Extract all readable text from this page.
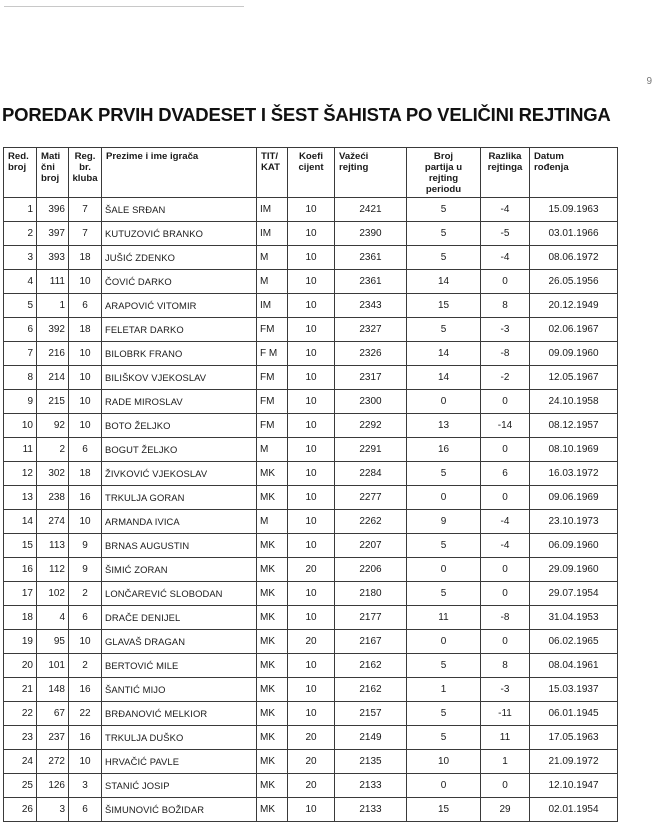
9
POREDAK PRVIH DVADESET I ŠEST ŠAHISTA PO VELIČINI REJTINGA
Red.
broj	Mati
čni
broj	Reg.
br.
kluba	Prezime i ime igrača	TIT/
KAT	Koefi
cijent	Važeći
rejting	Broj
partija u
rejting
periodu	Razlika
rejtinga	Datum
rođenja
1	396	7	ŠALE SRĐAN	IM	10	2421	5	-4	15.09.1963
2	397	7	KUTUZOVIĆ BRANKO	IM	10	2390	5	-5	03.01.1966
3	393	18	JUŠIĆ ZDENKO	M	10	2361	5	-4	08.06.1972
4	111	10	ČOVIĆ DARKO	M	10	2361	14	0	26.05.1956
5	1	6	ARAPOVIĆ VITOMIR	IM	10	2343	15	8	20.12.1949
6	392	18	FELETAR DARKO	FM	10	2327	5	-3	02.06.1967
7	216	10	BILOBRK FRANO	F M	10	2326	14	-8	09.09.1960
8	214	10	BILIŠKOV VJEKOSLAV	FM	10	2317	14	-2	12.05.1967
9	215	10	RADE MIROSLAV	FM	10	2300	0	0	24.10.1958
10	92	10	BOTO ŽELJKO	FM	10	2292	13	-14	08.12.1957
11	2	6	BOGUT ŽELJKO	M	10	2291	16	0	08.10.1969
12	302	18	ŽIVKOVIĆ VJEKOSLAV	MK	10	2284	5	6	16.03.1972
13	238	16	TRKULJA GORAN	MK	10	2277	0	0	09.06.1969
14	274	10	ARMANDA IVICA	M	10	2262	9	-4	23.10.1973
15	113	9	BRNAS AUGUSTIN	MK	10	2207	5	-4	06.09.1960
16	112	9	ŠIMIĆ ZORAN	MK	20	2206	0	0	29.09.1960
17	102	2	LONČAREVIĆ SLOBODAN	MK	10	2180	5	0	29.07.1954
18	4	6	DRAČE DENIJEL	MK	10	2177	11	-8	31.04.1953
19	95	10	GLAVAŠ DRAGAN	MK	20	2167	0	0	06.02.1965
20	101	2	BERTOVIĆ MILE	MK	10	2162	5	8	08.04.1961
21	148	16	ŠANTIĆ MIJO	MK	10	2162	1	-3	15.03.1937
22	67	22	BRĐANOVIĆ MELKIOR	MK	10	2157	5	-11	06.01.1945
23	237	16	TRKULJA DUŠKO	MK	20	2149	5	11	17.05.1963
24	272	10	HRVAČIĆ PAVLE	MK	20	2135	10	1	21.09.1972
25	126	3	STANIĆ JOSIP	MK	20	2133	0	0	12.10.1947
26	3	6	ŠIMUNOVIĆ BOŽIDAR	MK	10	2133	15	29	02.01.1954
